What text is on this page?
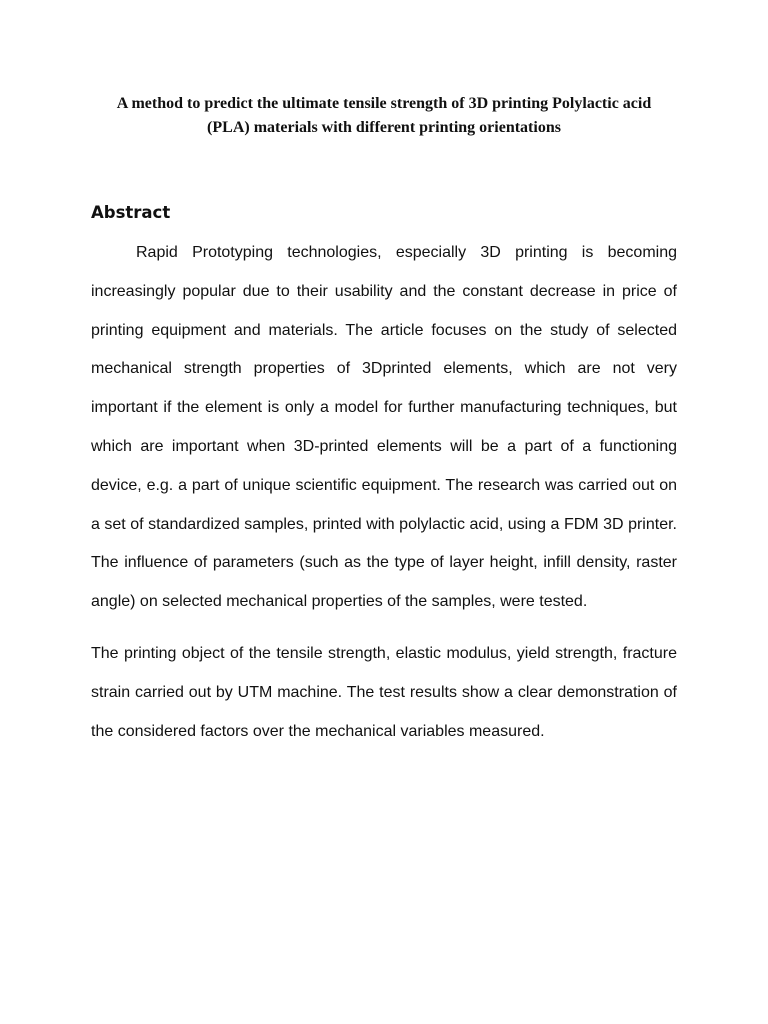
A method to predict the ultimate tensile strength of 3D printing Polylactic acid (PLA) materials with different printing orientations
Abstract

Rapid Prototyping technologies, especially 3D printing is becoming increasingly popular due to their usability and the constant decrease in price of printing equipment and materials. The article focuses on the study of selected mechanical strength properties of 3Dprinted elements, which are not very important if the element is only a model for further manufacturing techniques, but which are important when 3D-printed elements will be a part of a functioning device, e.g. a part of unique scientific equipment. The research was carried out on a set of standardized samples, printed with polylactic acid, using a FDM 3D printer. The influence of parameters (such as the type of layer height, infill density, raster angle) on selected mechanical properties of the samples, were tested.

The printing object of the tensile strength, elastic modulus, yield strength, fracture strain carried out by UTM machine. The test results show a clear demonstration of the considered factors over the mechanical variables measured.
